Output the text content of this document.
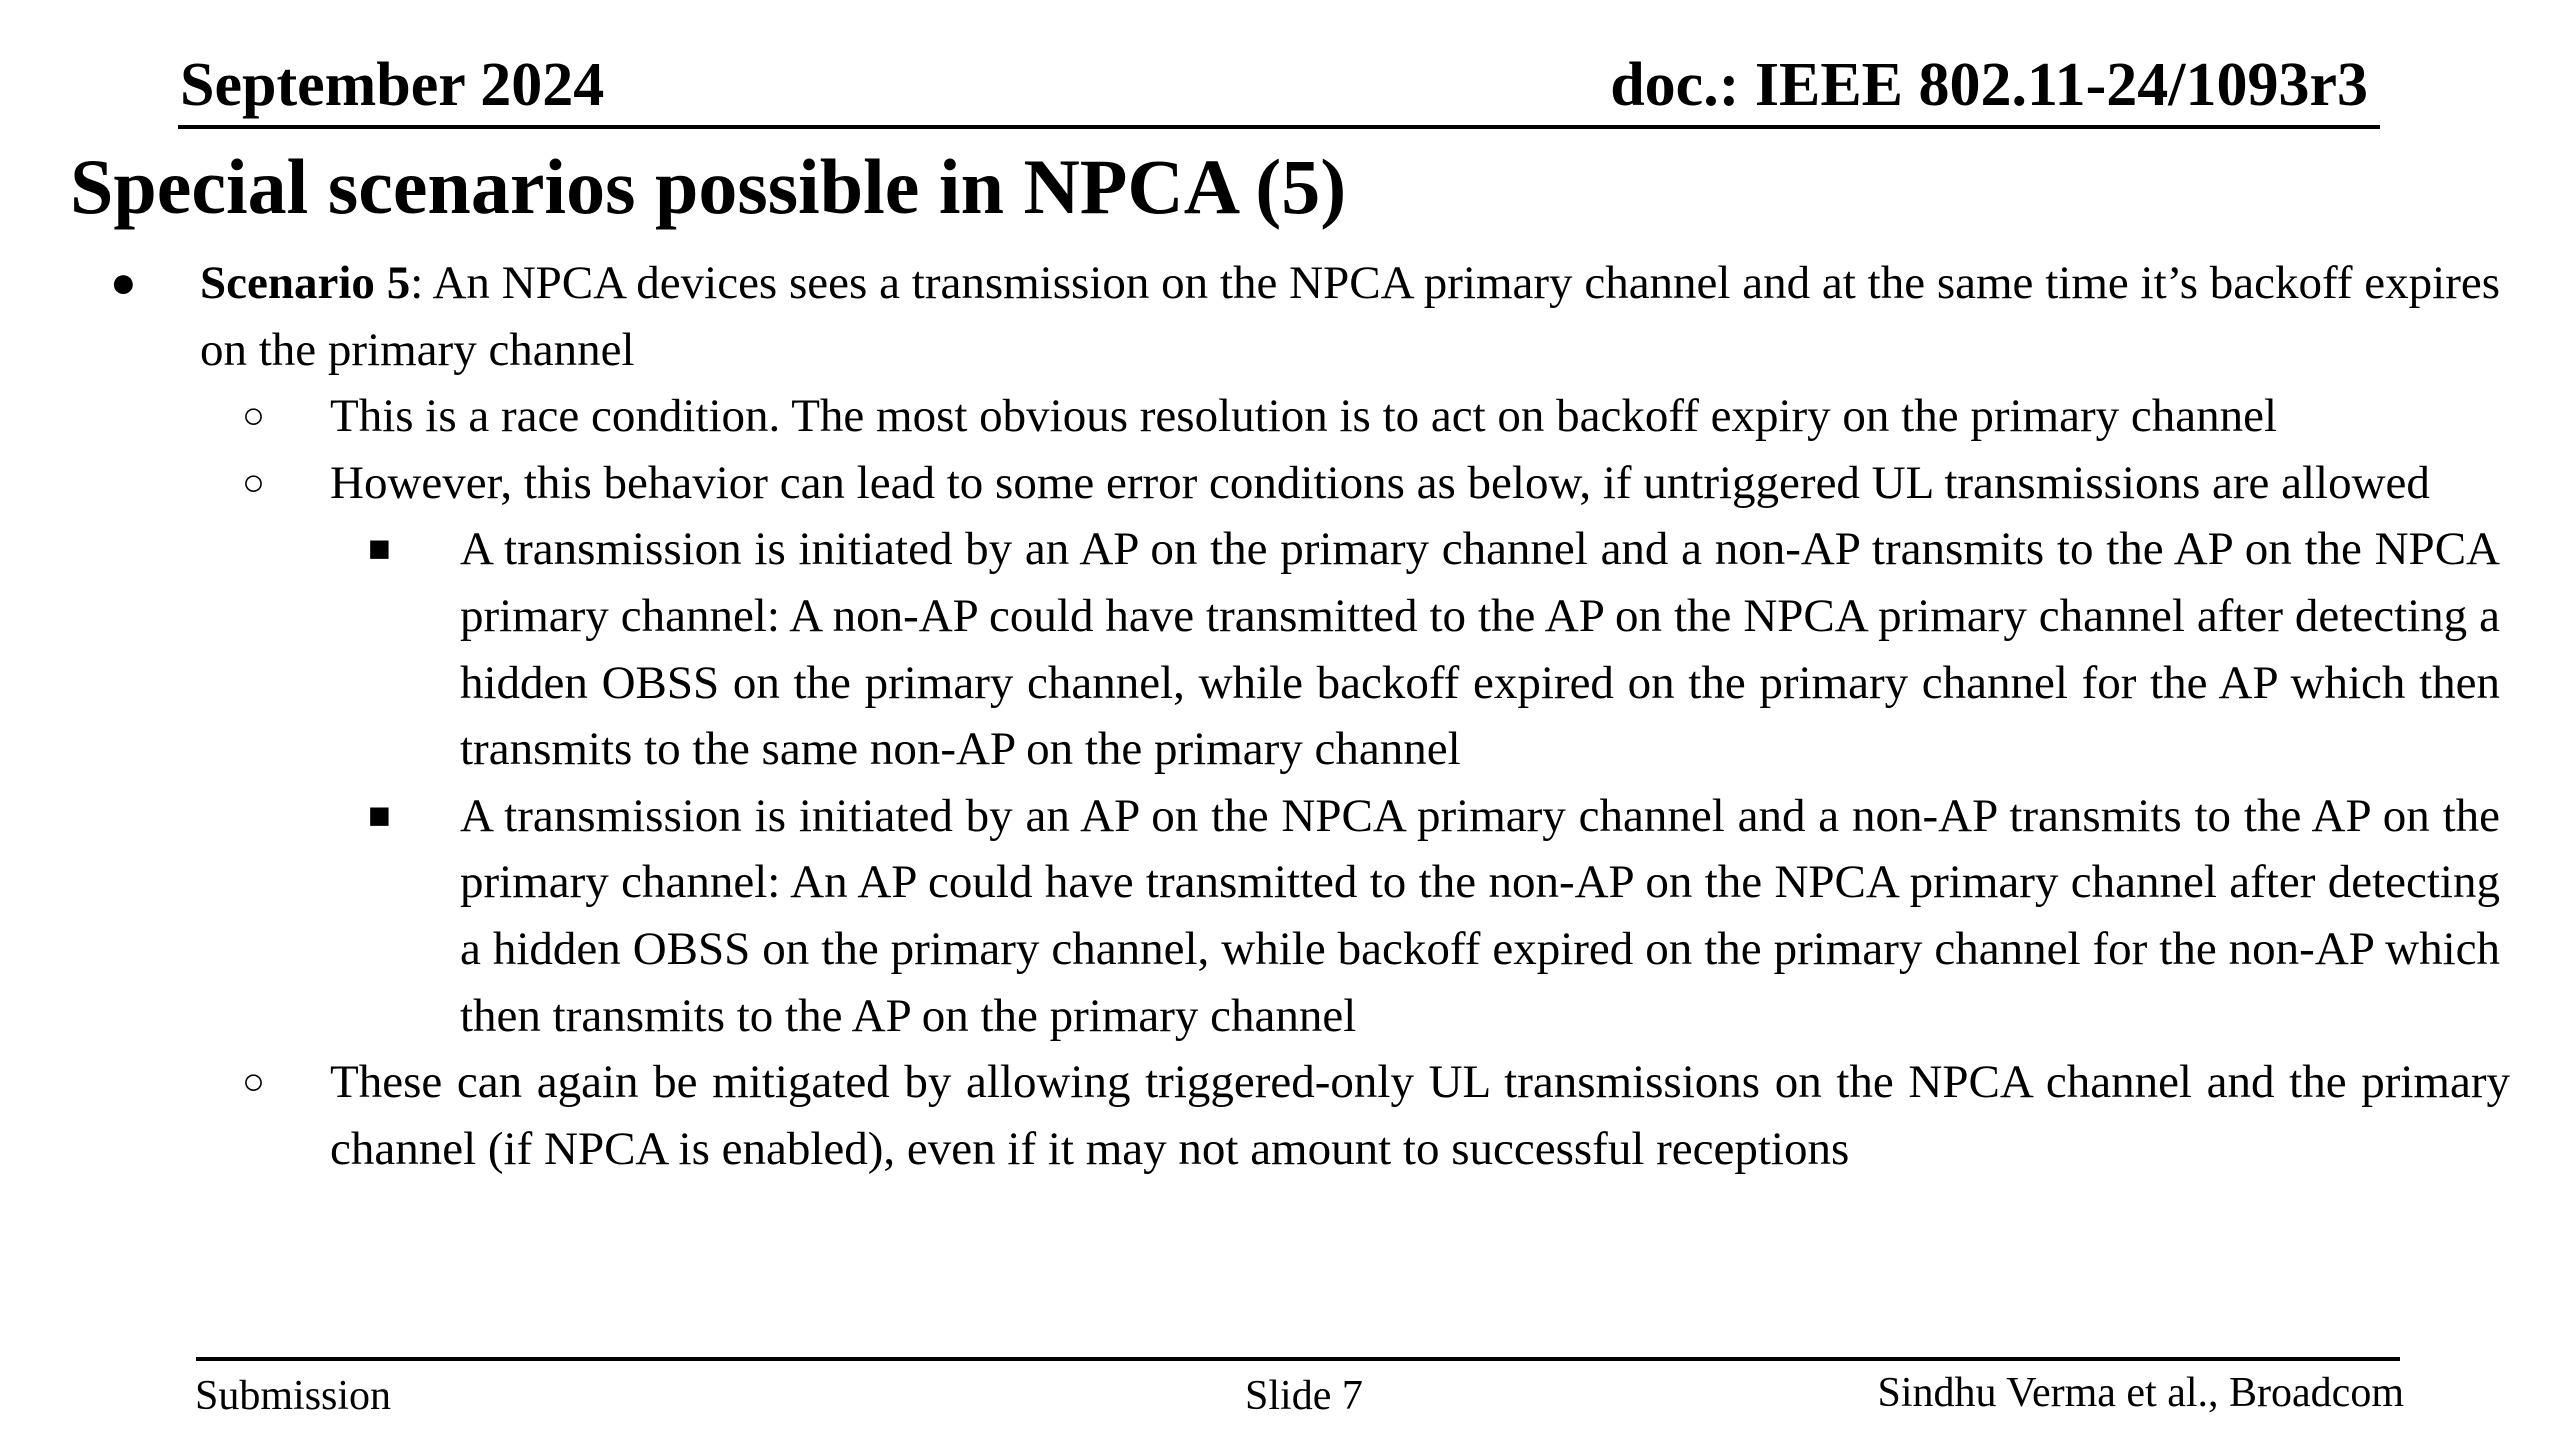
September 2024	doc.: IEEE 802.11-24/1093r3
Special scenarios possible in NPCA (5)
● Scenario 5: An NPCA devices sees a transmission on the NPCA primary channel and at the same time it’s backoff expires on the primary channel
○ This is a race condition. The most obvious resolution is to act on backoff expiry on the primary channel
○ However, this behavior can lead to some error conditions as below, if untriggered UL transmissions are allowed
■ A transmission is initiated by an AP on the primary channel and a non-AP transmits to the AP on the NPCA primary channel: A non-AP could have transmitted to the AP on the NPCA primary channel after detecting a hidden OBSS on the primary channel, while backoff expired on the primary channel for the AP which then transmits to the same non-AP on the primary channel
■ A transmission is initiated by an AP on the NPCA primary channel and a non-AP transmits to the AP on the primary channel: An AP could have transmitted to the non-AP on the NPCA primary channel after detecting a hidden OBSS on the primary channel, while backoff expired on the primary channel for the non-AP which then transmits to the AP on the primary channel
○ These can again be mitigated by allowing triggered-only UL transmissions on the NPCA channel and the primary channel (if NPCA is enabled), even if it may not amount to successful receptions
Submission	Slide 7	Sindhu Verma et al., Broadcom
